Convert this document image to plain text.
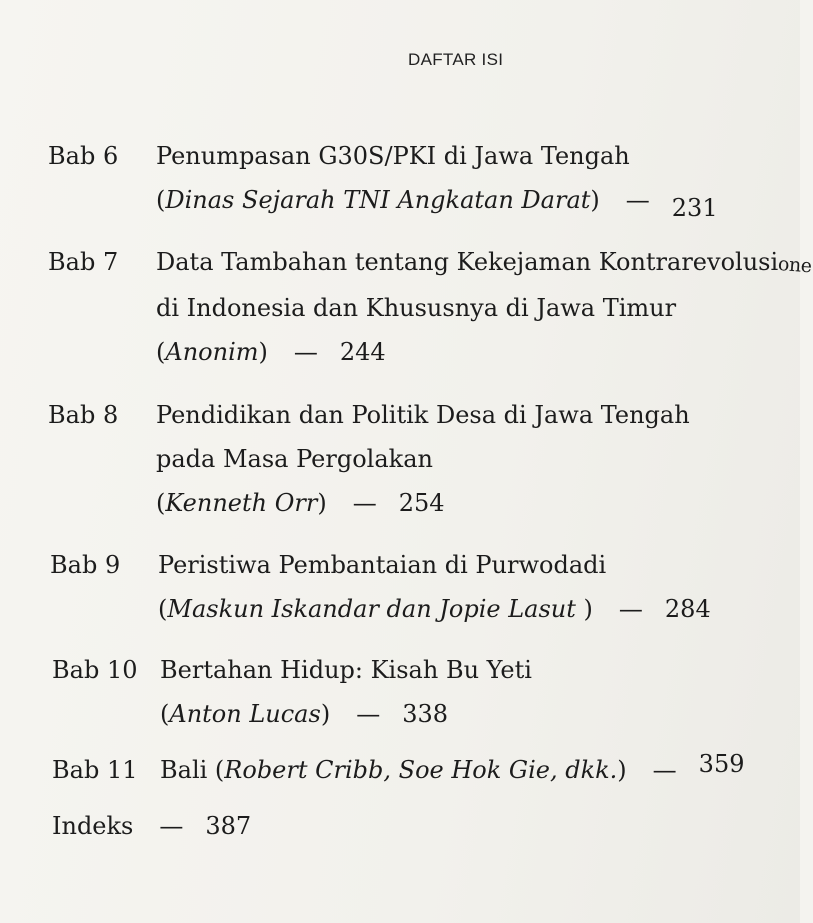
DAFTAR ISI
Bab 6 Penumpasan G30S/PKI di Jawa Tengah
(Dinas Sejarah TNI Angkatan Darat) — 231
Bab 7 Data Tambahan tentang Kekejaman Kontrarevolusione
di Indonesia dan Khususnya di Jawa Timur
(Anonim) — 244
Bab 8 Pendidikan dan Politik Desa di Jawa Tengah
pada Masa Pergolakan
(Kenneth Orr) — 254
Bab 9 Peristiwa Pembantaian di Purwodadi
(Maskun Iskandar dan Jopie Lasut ) — 284
Bab 10 Bertahan Hidup: Kisah Bu Yeti
(Anton Lucas) — 338
Bab 11 Bali (Robert Cribb, Soe Hok Gie, dkk.) — 359
Indeks — 387
